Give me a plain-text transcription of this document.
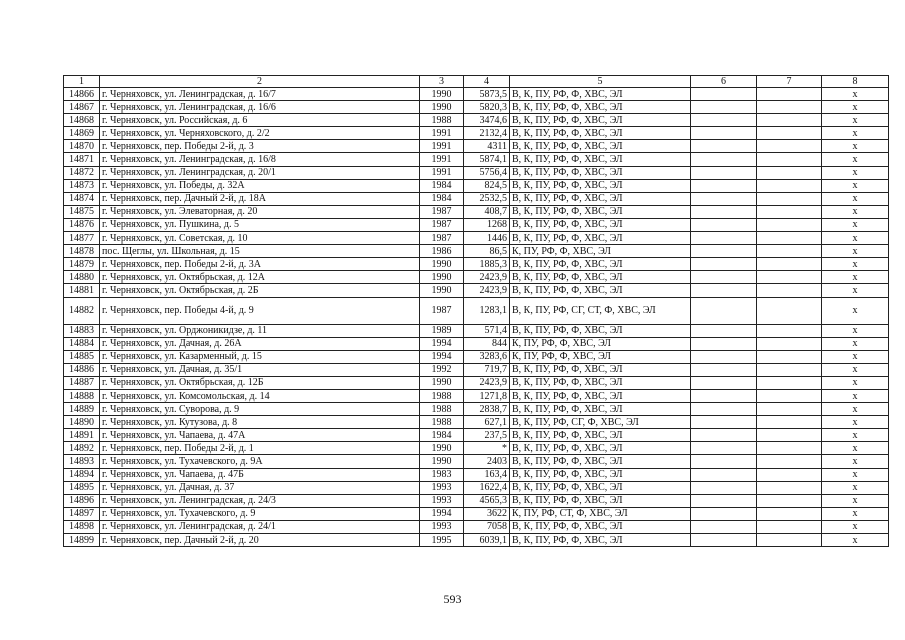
1	2	3	4	5	6	7	8
14866	г. Черняховск, ул. Ленинградская, д. 16/7	1990	5873,5	В, К, ПУ, РФ, Ф, ХВС, ЭЛ			x
14867	г. Черняховск, ул. Ленинградская, д. 16/6	1990	5820,3	В, К, ПУ, РФ, Ф, ХВС, ЭЛ			x
14868	г. Черняховск, ул. Российская, д. 6	1988	3474,6	В, К, ПУ, РФ, Ф, ХВС, ЭЛ			x
14869	г. Черняховск, ул. Черняховского, д. 2/2	1991	2132,4	В, К, ПУ, РФ, Ф, ХВС, ЭЛ			x
14870	г. Черняховск, пер. Победы 2-й, д. 3	1991	4311	В, К, ПУ, РФ, Ф, ХВС, ЭЛ			x
14871	г. Черняховск, ул. Ленинградская, д. 16/8	1991	5874,1	В, К, ПУ, РФ, Ф, ХВС, ЭЛ			x
14872	г. Черняховск, ул. Ленинградская, д. 20/1	1991	5756,4	В, К, ПУ, РФ, Ф, ХВС, ЭЛ			x
14873	г. Черняховск, ул. Победы, д. 32А	1984	824,5	В, К, ПУ, РФ, Ф, ХВС, ЭЛ			x
14874	г. Черняховск, пер. Дачный 2-й, д. 18А	1984	2532,5	В, К, ПУ, РФ, Ф, ХВС, ЭЛ			x
14875	г. Черняховск, ул. Элеваторная, д. 20	1987	408,7	В, К, ПУ, РФ, Ф, ХВС, ЭЛ			x
14876	г. Черняховск, ул. Пушкина, д. 5	1987	1268	В, К, ПУ, РФ, Ф, ХВС, ЭЛ			x
14877	г. Черняховск, ул. Советская, д. 10	1987	1446	В, К, ПУ, РФ, Ф, ХВС, ЭЛ			x
14878	пос. Щеглы, ул. Школьная, д. 15	1986	86,5	К, ПУ, РФ, Ф, ХВС, ЭЛ			x
14879	г. Черняховск, пер. Победы 2-й, д. 3А	1990	1885,3	В, К, ПУ, РФ, Ф, ХВС, ЭЛ			x
14880	г. Черняховск, ул. Октябрьская, д. 12А	1990	2423,9	В, К, ПУ, РФ, Ф, ХВС, ЭЛ			x
14881	г. Черняховск, ул. Октябрьская, д. 2Б	1990	2423,9	В, К, ПУ, РФ, Ф, ХВС, ЭЛ			x
14882	г. Черняховск, пер. Победы 4-й, д. 9	1987	1283,1	В, К, ПУ, РФ, СГ, СТ, Ф, ХВС, ЭЛ			x
14883	г. Черняховск, ул. Орджоникидзе, д. 11	1989	571,4	В, К, ПУ, РФ, Ф, ХВС, ЭЛ			x
14884	г. Черняховск, ул. Дачная, д. 26А	1994	844	К, ПУ, РФ, Ф, ХВС, ЭЛ			x
14885	г. Черняховск, ул. Казарменный, д. 15	1994	3283,6	К, ПУ, РФ, Ф, ХВС, ЭЛ			x
14886	г. Черняховск, ул. Дачная, д. 35/1	1992	719,7	В, К, ПУ, РФ, Ф, ХВС, ЭЛ			x
14887	г. Черняховск, ул. Октябрьская, д. 12Б	1990	2423,9	В, К, ПУ, РФ, Ф, ХВС, ЭЛ			x
14888	г. Черняховск, ул. Комсомольская, д. 14	1988	1271,8	В, К, ПУ, РФ, Ф, ХВС, ЭЛ			x
14889	г. Черняховск, ул. Суворова, д. 9	1988	2838,7	В, К, ПУ, РФ, Ф, ХВС, ЭЛ			x
14890	г. Черняховск, ул. Кутузова, д. 8	1988	627,1	В, К, ПУ, РФ, СГ, Ф, ХВС, ЭЛ			x
14891	г. Черняховск, ул. Чапаева, д. 47А	1984	237,5	В, К, ПУ, РФ, Ф, ХВС, ЭЛ			x
14892	г. Черняховск, пер. Победы 2-й, д. 1	1990	*	В, К, ПУ, РФ, Ф, ХВС, ЭЛ			x
14893	г. Черняховск, ул. Тухачевского, д. 9А	1990	2403	В, К, ПУ, РФ, Ф, ХВС, ЭЛ			x
14894	г. Черняховск, ул. Чапаева, д. 47Б	1983	163,4	В, К, ПУ, РФ, Ф, ХВС, ЭЛ			x
14895	г. Черняховск, ул. Дачная, д. 37	1993	1622,4	В, К, ПУ, РФ, Ф, ХВС, ЭЛ			x
14896	г. Черняховск, ул. Ленинградская, д. 24/3	1993	4565,3	В, К, ПУ, РФ, Ф, ХВС, ЭЛ			x
14897	г. Черняховск, ул. Тухачевского, д. 9	1994	3622	К, ПУ, РФ, СТ, Ф, ХВС, ЭЛ			x
14898	г. Черняховск, ул. Ленинградская, д. 24/1	1993	7058	В, К, ПУ, РФ, Ф, ХВС, ЭЛ			x
14899	г. Черняховск, пер. Дачный 2-й, д. 20	1995	6039,1	В, К, ПУ, РФ, Ф, ХВС, ЭЛ			x
593
